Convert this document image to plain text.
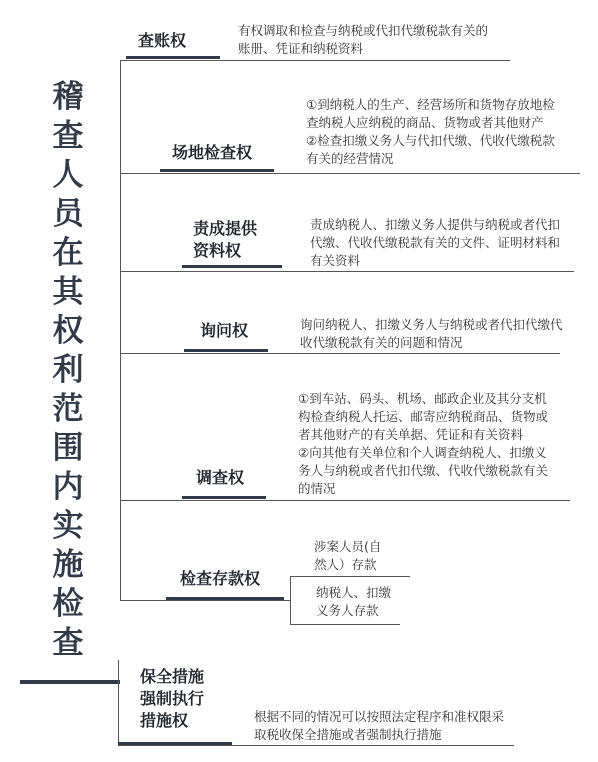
稽查人员在其权利范围内实施检查
查账权
有权调取和检查与纳税或代扣代缴税款有关的
账册、凭证和纳税资料
场地检查权
①到纳税人的生产、经营场所和货物存放地检
查纳税人应纳税的商品、货物或者其他财产
②检查扣缴义务人与代扣代缴、代收代缴税款
有关的经营情况
责成提供
资料权
责成纳税人、扣缴义务人提供与纳税或者代扣
代缴、代收代缴税款有关的文件、证明材料和
有关资料
询问权	询问纳税人、扣缴义务人与纳税或者代扣代缴代
收代缴税款有关的问题和情况
调查权
①到车站、码头、机场、邮政企业及其分支机
构检查纳税人托运、邮寄应纳税商品、货物或
者其他财产的有关单据、凭证和有关资料
②向其他有关单位和个人调查纳税人、扣缴义
务人与纳税或者代扣代缴、代收代缴税款有关
的情况
检查存款权
涉案人员(自
然人）存款
纳税人、扣缴
义务人存款
保全措施
强制执行
措施权	根据不同的情况可以按照法定程序和准权限采
取税收保全措施或者强制执行措施
